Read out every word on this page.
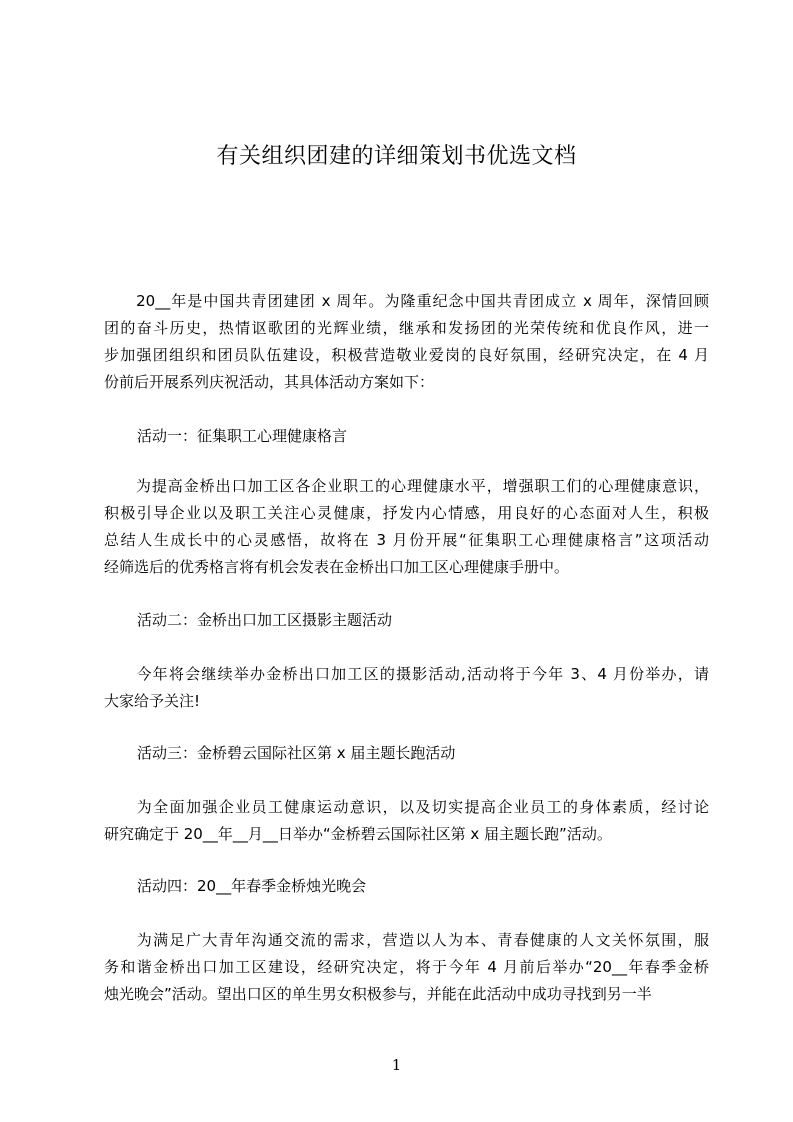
有关组织团建的详细策划书优选文档
　　20__年是中国共青团建团 x 周年。为隆重纪念中国共青团成立 x 周年，深情回顾
团的奋斗历史，热情讴歌团的光辉业绩，继承和发扬团的光荣传统和优良作风，进一
步加强团组织和团员队伍建设，积极营造敬业爱岗的良好氛围，经研究决定，在 4 月
份前后开展系列庆祝活动，其具体活动方案如下：
活动一：征集职工心理健康格言
　　为提高金桥出口加工区各企业职工的心理健康水平，增强职工们的心理健康意识，
积极引导企业以及职工关注心灵健康，抒发内心情感，用良好的心态面对人生，积极
总结人生成长中的心灵感悟，故将在 3 月份开展“征集职工心理健康格言”这项活动
经筛选后的优秀格言将有机会发表在金桥出口加工区心理健康手册中。
活动二：金桥出口加工区摄影主题活动
　　今年将会继续举办金桥出口加工区的摄影活动,活动将于今年 3、4 月份举办，请
大家给予关注!
活动三：金桥碧云国际社区第 x 届主题长跑活动
　　为全面加强企业员工健康运动意识，以及切实提高企业员工的身体素质，经讨论
研究确定于 20__年__月__日举办“金桥碧云国际社区第 x 届主题长跑”活动。
活动四：20__年春季金桥烛光晚会
　　为满足广大青年沟通交流的需求，营造以人为本、青春健康的人文关怀氛围，服
务和谐金桥出口加工区建设，经研究决定，将于今年 4 月前后举办“20__年春季金桥
烛光晚会”活动。望出口区的单生男女积极参与，并能在此活动中成功寻找到另一半
1
